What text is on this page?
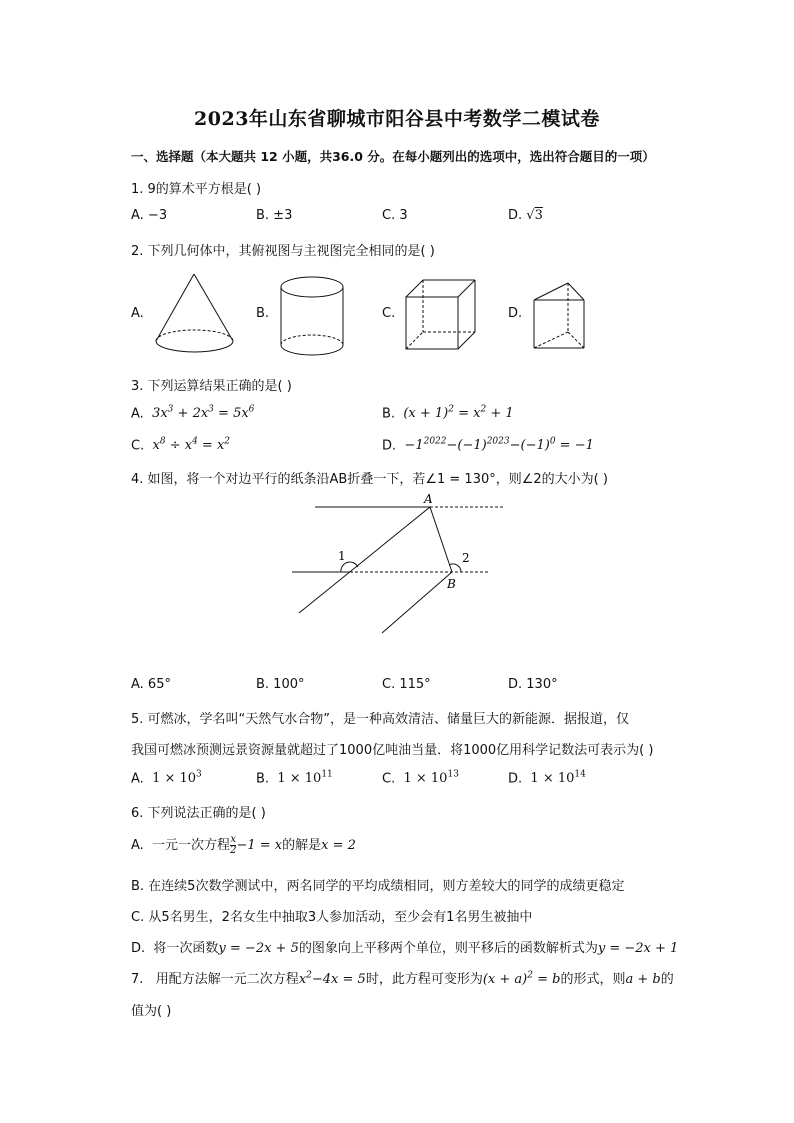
2023年山东省聊城市阳谷县中考数学二模试卷
一、选择题（本大题共 12 小题，共36.0 分。在每小题列出的选项中，选出符合题目的一项）
1. 9的算术平方根是( )
A. −3	B. ±3	C. 3	D. √3
2. 下列几何体中，其俯视图与主视图完全相同的是( )
A.	B.	C.	D.
3. 下列运算结果正确的是( )
A. $3x^3 + 2x^3 = 5x^6$	B. $(x + 1)^2 = x^2 + 1$
C. $x^8 \div x^4 = x^2$	D. $-1^{2022}-(-1)^{2023}-(-1)^0 = -1$
4. 如图，将一个对边平行的纸条沿AB折叠一下，若∠1 = 130°，则∠2的大小为( )
A
B
1	2
A. 65°	B. 100°	C. 115°	D. 130°
5. 可燃冰，学名叫“天然气水合物”，是一种高效清洁、储量巨大的新能源．据报道，仅
我国可燃冰预测远景资源量就超过了1000亿吨油当量．将1000亿用科学记数法可表示为( )
A. $1 \times 10^3$	B. $1 \times 10^{11}$	C. $1 \times 10^{13}$	D. $1 \times 10^{14}$
6. 下列说法正确的是( )
A.  一元一次方程 $\frac{x}{2} -1 = x$的解是x = 2
B. 在连续5次数学测试中，两名同学的平均成绩相同，则方差较大的同学的成绩更稳定
C. 从5名男生，2名女生中抽取3人参加活动，至少会有1名男生被抽中
D.  将一次函数y = −2x + 5的图象向上平移两个单位，则平移后的函数解析式为y = −2x + 1
7.   用配方法解一元二次方程$x^2-4x = 5$时，此方程可变形为$(x + a)^2 = b$的形式，则a + b的
值为( )
